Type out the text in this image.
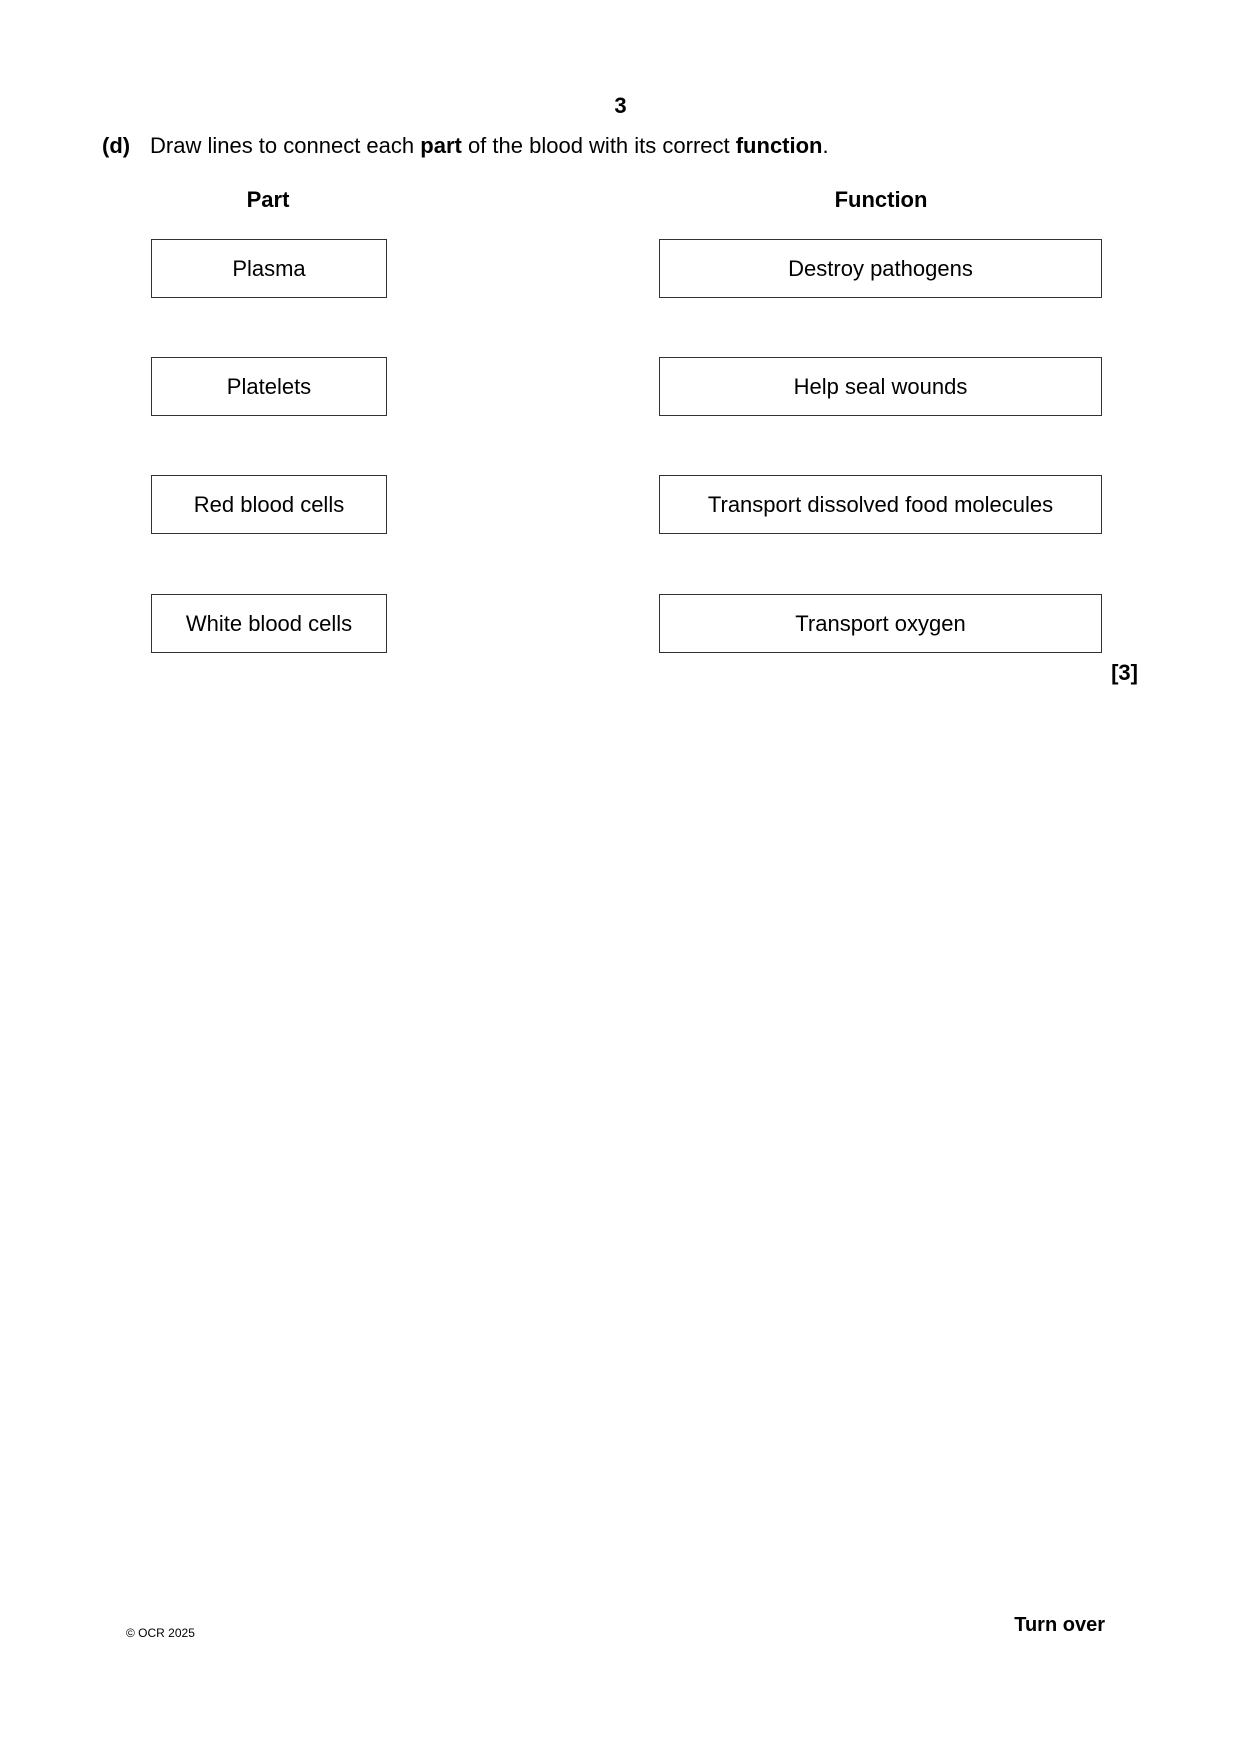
3
(d) Draw lines to connect each part of the blood with its correct function.
Part	Function
Plasma
Platelets
Red blood cells
White blood cells
Destroy pathogens
Help seal wounds
Transport dissolved food molecules
Transport oxygen
[3]
© OCR 2025	Turn over
